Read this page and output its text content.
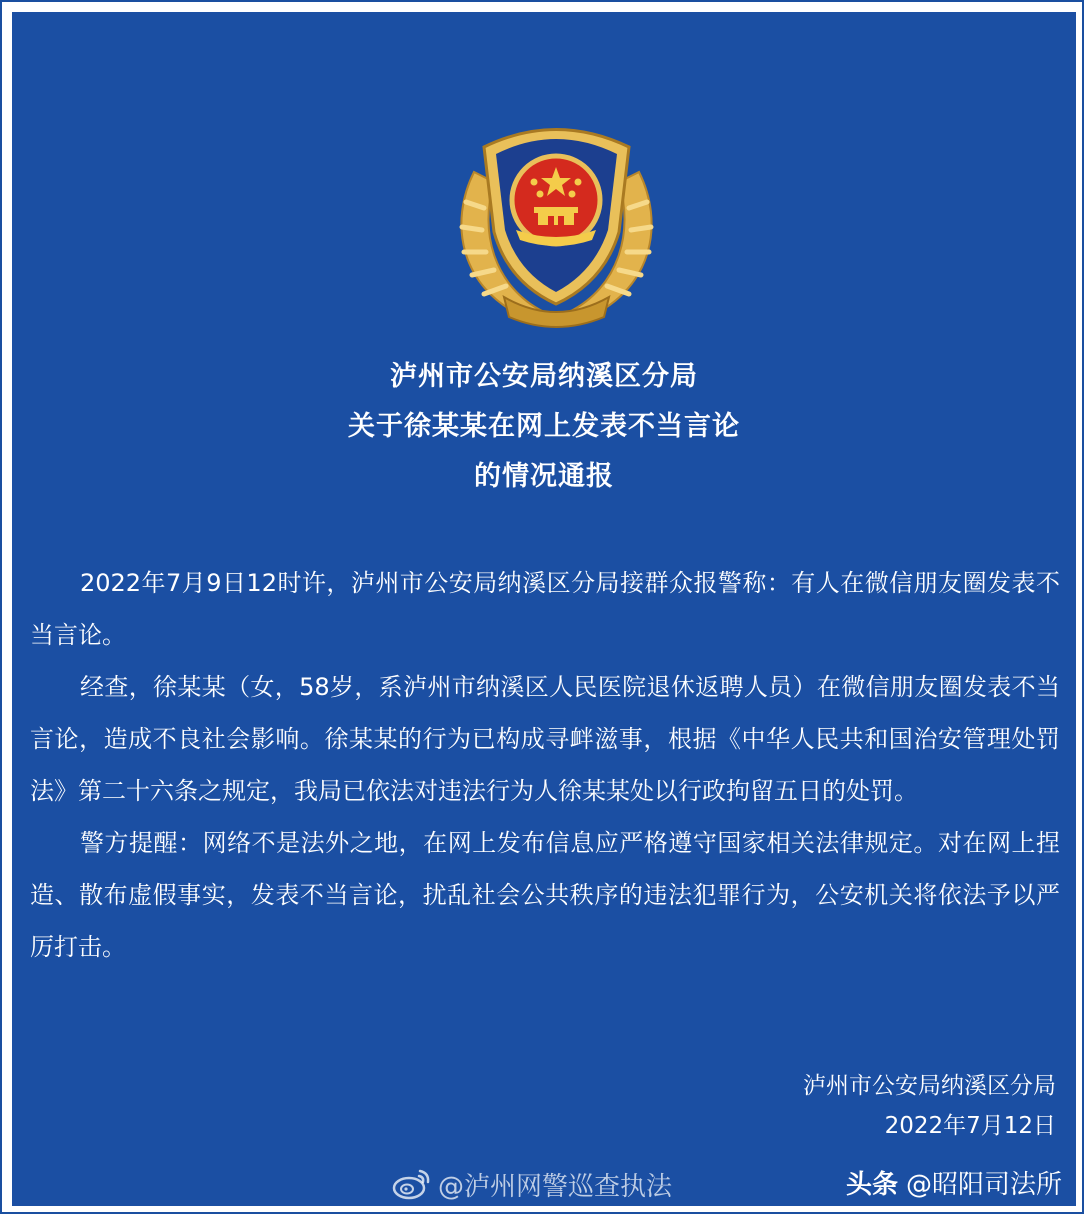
泸州市公安局纳溪区分局
关于徐某某在网上发表不当言论
的情况通报

2022年7月9日12时许，泸州市公安局纳溪区分局接群众报警称：有人在微信朋友圈发表不当言论。

经查，徐某某（女，58岁，系泸州市纳溪区人民医院退休返聘人员）在微信朋友圈发表不当言论，造成不良社会影响。徐某某的行为已构成寻衅滋事，根据《中华人民共和国治安管理处罚法》第二十六条之规定，我局已依法对违法行为人徐某某处以行政拘留五日的处罚。

警方提醒：网络不是法外之地，在网上发布信息应严格遵守国家相关法律规定。对在网上捏造、散布虚假事实，发表不当言论，扰乱社会公共秩序的违法犯罪行为，公安机关将依法予以严厉打击。

泸州市公安局纳溪区分局
2022年7月12日
@泸州网警巡查执法	头条 @昭阳司法所
